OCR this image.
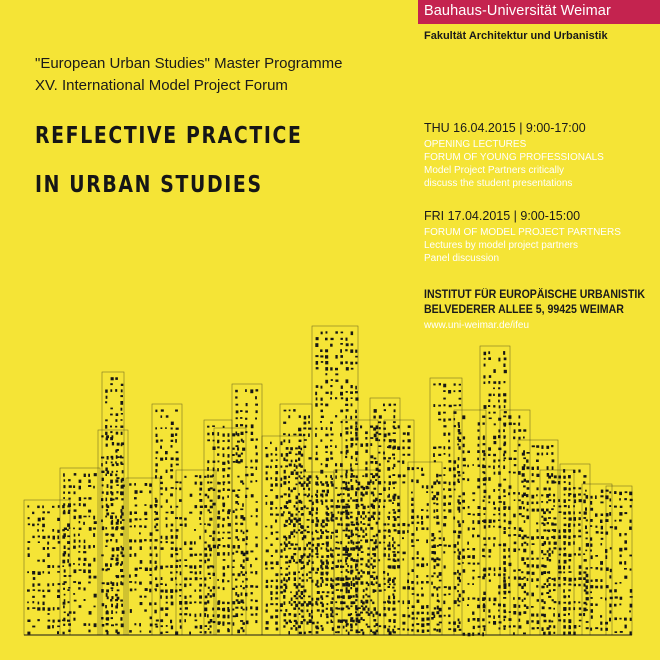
Bauhaus-Universität Weimar
Fakultät Architektur und Urbanistik
"European Urban Studies" Master Programme
XV. International Model Project Forum
REFLECTIVE PRACTICE
IN URBAN STUDIES
THU 16.04.2015 | 9:00-17:00
OPENING LECTURES
FORUM OF YOUNG PROFESSIONALS
Model Project Partners critically
discuss the student presentations
FRI 17.04.2015 | 9:00-15:00
FORUM OF MODEL PROJECT PARTNERS
Lectures by model project partners
Panel discussion
INSTITUT FÜR EUROPÄISCHE URBANISTIK
BELVEDERER ALLEE 5, 99425 WEIMAR
www.uni-weimar.de/ifeu
